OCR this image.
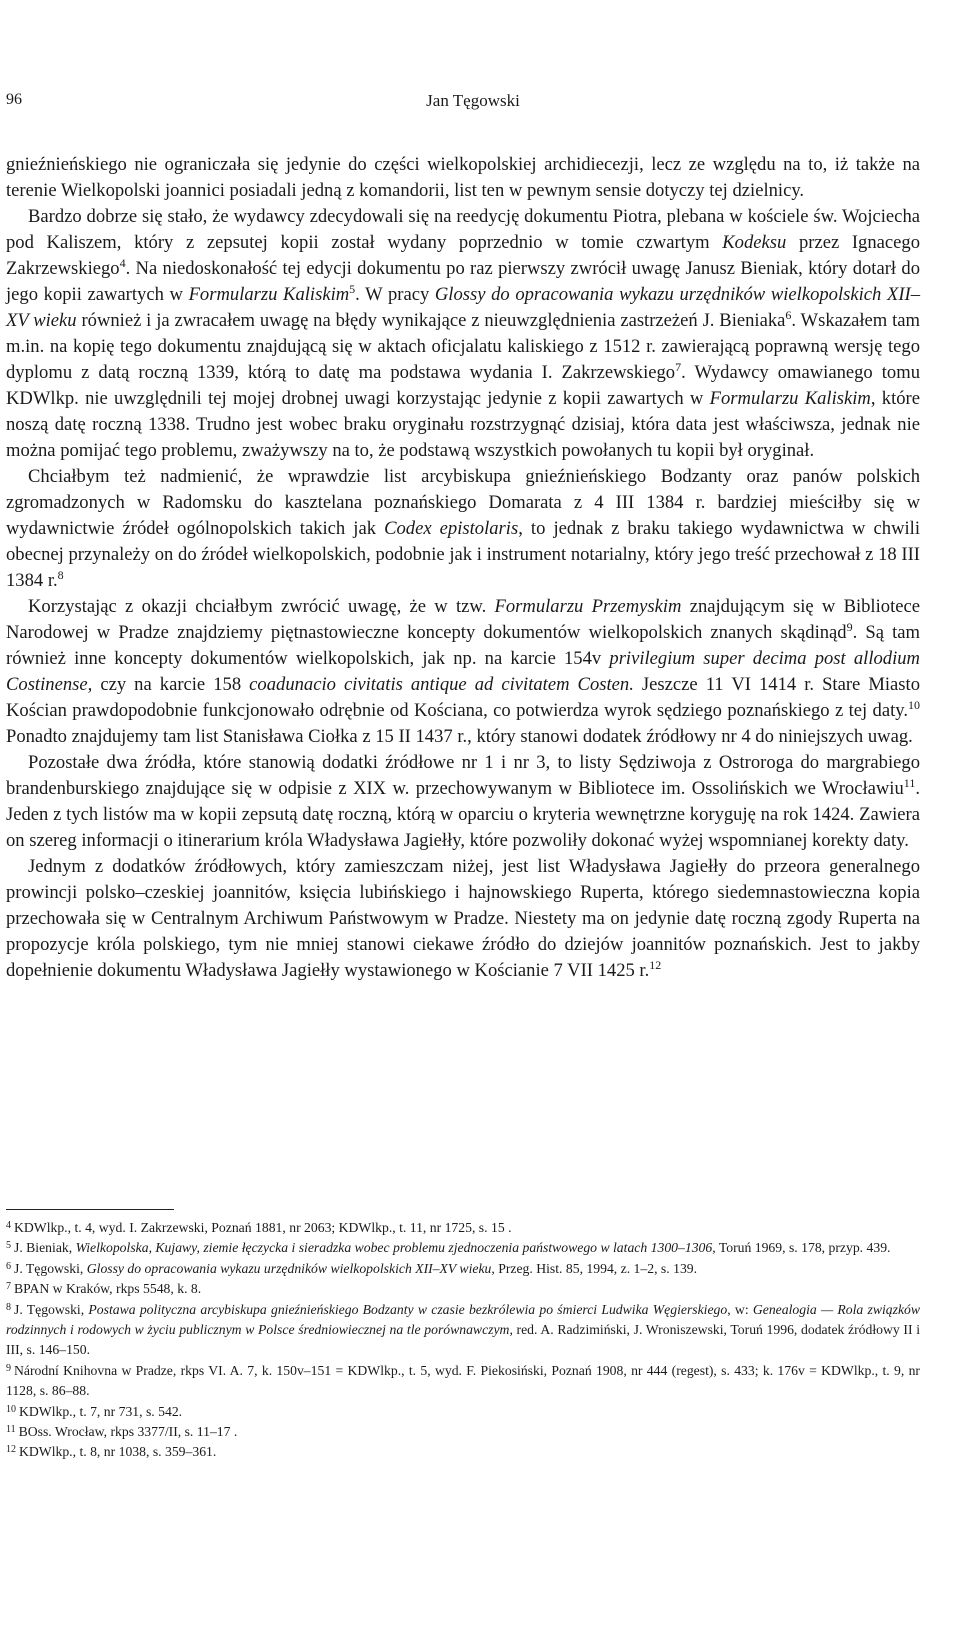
96	Jan Tęgowski

gnieźnieńskiego nie ograniczała się jedynie do części wielkopolskiej archidiecezji, lecz ze względu na to, iż także na terenie Wielkopolski joannici posiadali jedną z komandorii, list ten w pewnym sensie dotyczy tej dzielnicy.

Bardzo dobrze się stało, że wydawcy zdecydowali się na reedycję dokumentu Piotra, plebana w kościele św. Wojciecha pod Kaliszem, który z zepsutej kopii został wydany poprzednio w tomie czwartym Kodeksu przez Ignacego Zakrzewskiego$^4$. Na niedoskonałość tej edycji dokumentu po raz pierwszy zwrócił uwagę Janusz Bieniak, który dotarł do jego kopii zawartych w Formularzu Kaliskim$^5$. W pracy Glossy do opracowania wykazu urzędników wielkopolskich XII–XV wieku również i ja zwracałem uwagę na błędy wynikające z nieuwzględnienia zastrzeżeń J. Bieniaka$^6$. Wskazałem tam m.in. na kopię tego dokumentu znajdującą się w aktach oficjalatu kaliskiego z 1512 r. zawierającą poprawną wersję tego dyplomu z datą roczną 1339, którą to datę ma podstawa wydania I. Zakrzewskiego$^7$. Wydawcy omawianego tomu KDWlkp. nie uwzględnili tej mojej drobnej uwagi korzystając jedynie z kopii zawartych w Formularzu Kaliskim, które noszą datę roczną 1338. Trudno jest wobec braku oryginału rozstrzygnąć dzisiaj, która data jest właściwsza, jednak nie można pomijać tego problemu, zważywszy na to, że podstawą wszystkich powołanych tu kopii był oryginał.

Chciałbym też nadmienić, że wprawdzie list arcybiskupa gnieźnieńskiego Bodzanty oraz panów polskich zgromadzonych w Radomsku do kasztelana poznańskiego Domarata z 4 III 1384 r. bardziej mieściłby się w wydawnictwie źródeł ogólnopolskich takich jak Codex epistolaris, to jednak z braku takiego wydawnictwa w chwili obecnej przynależy on do źródeł wielkopolskich, podobnie jak i instrument notarialny, który jego treść przechował z 18 III 1384 r.$^8$

Korzystając z okazji chciałbym zwrócić uwagę, że w tzw. Formularzu Przemyskim znajdującym się w Bibliotece Narodowej w Pradze znajdziemy piętnastowieczne koncepty dokumentów wielkopolskich znanych skądinąd$^9$. Są tam również inne koncepty dokumentów wielkopolskich, jak np. na karcie 154v privilegium super decima post allodium Costinense, czy na karcie 158 coadunacio civitatis antique ad civitatem Costen. Jeszcze 11 VI 1414 r. Stare Miasto Kościan prawdopodobnie funkcjonowało odrębnie od Kościana, co potwierdza wyrok sędziego poznańskiego z tej daty.$^{10}$ Ponadto znajdujemy tam list Stanisława Ciołka z 15 II 1437 r., który stanowi dodatek źródłowy nr 4 do niniejszych uwag.

Pozostałe dwa źródła, które stanowią dodatki źródłowe nr 1 i nr 3, to listy Sędziwoja z Ostroroga do margrabiego brandenburskiego znajdujące się w odpisie z XIX w. przechowywanym w Bibliotece im. Ossolińskich we Wrocławiu$^{11}$. Jeden z tych listów ma w kopii zepsutą datę roczną, którą w oparciu o kryteria wewnętrzne koryguję na rok 1424. Zawiera on szereg informacji o itinerarium króla Władysława Jagiełły, które pozwoliły dokonać wyżej wspomnianej korekty daty.

Jednym z dodatków źródłowych, który zamieszczam niżej, jest list Władysława Jagiełły do przeora generalnego prowincji polsko–czeskiej joannitów, księcia lubińskiego i hajnowskiego Ruperta, którego siedemnastowieczna kopia przechowała się w Centralnym Archiwum Państwowym w Pradze. Niestety ma on jedynie datę roczną zgody Ruperta na propozycje króla polskiego, tym nie mniej stanowi ciekawe źródło do dziejów joannitów poznańskich. Jest to jakby dopełnienie dokumentu Władysława Jagiełły wystawionego w Kościanie 7 VII 1425 r.$^{12}$

$^4$ KDWlkp., t. 4, wyd. I. Zakrzewski, Poznań 1881, nr 2063; KDWlkp., t. 11, nr 1725, s. 15 .

$^5$ J. Bieniak, Wielkopolska, Kujawy, ziemie łęczycka i sieradzka wobec problemu zjednoczenia państwowego w latach 1300–1306, Toruń 1969, s. 178, przyp. 439.

$^6$ J. Tęgowski, Glossy do opracowania wykazu urzędników wielkopolskich XII–XV wieku, Przeg. Hist. 85, 1994, z. 1–2, s. 139.

$^7$ BPAN w Kraków, rkps 5548, k. 8.

$^8$ J. Tęgowski, Postawa polityczna arcybiskupa gnieźnieńskiego Bodzanty w czasie bezkrólewia po śmierci Ludwika Węgierskiego, w: Genealogia — Rola związków rodzinnych i rodowych w życiu publicznym w Polsce średniowiecznej na tle porównawczym, red. A. Radzimiński, J. Wroniszewski, Toruń 1996, dodatek źródłowy II i III, s. 146–150.

$^9$ Národní Knihovna w Pradze, rkps VI. A. 7, k. 150v–151 = KDWlkp., t. 5, wyd. F. Piekosiński, Poznań 1908, nr 444 (regest), s. 433; k. 176v = KDWlkp., t. 9, nr 1128, s. 86–88.

$^{10}$ KDWlkp., t. 7, nr 731, s. 542.

$^{11}$ BOss. Wrocław, rkps 3377/II, s. 11–17 .

$^{12}$ KDWlkp., t. 8, nr 1038, s. 359–361.
